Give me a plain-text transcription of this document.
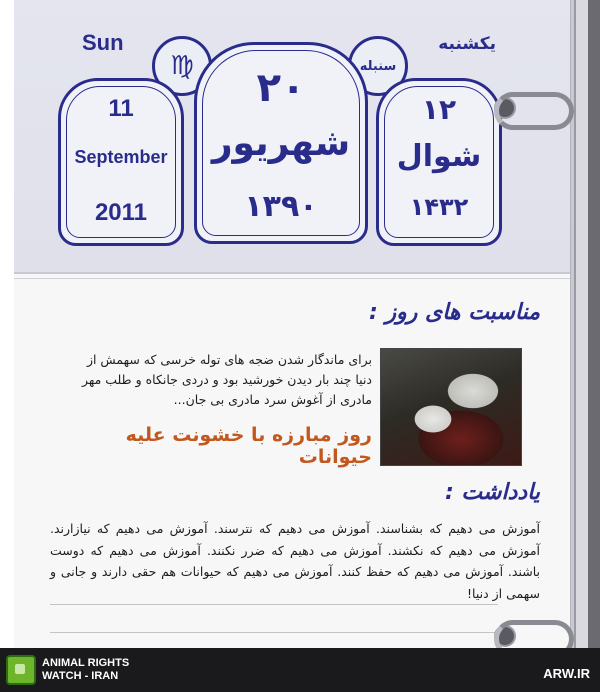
Sun	یکشنبه
♍	سنبله
11
September
2011
۲۰
شهریور
۱۳۹۰
۱۲
شوال
۱۴۳۲
مناسبت های روز :
برای ماندگار شدن ضجه های توله خرسی که سهمش از دنیا چند بار دیدن خورشید بود و دردی جانکاه و طلب مهر مادری از آغوش سرد مادری بی جان...
روز مبارزه با خشونت علیه حیوانات
یادداشت :
آموزش می دهیم که بشناسند. آموزش می دهیم که نترسند. آموزش می دهیم که نیازارند. آموزش می دهیم که نکشند. آموزش می دهیم که ضرر نکنند. آموزش می دهیم که دوست باشند. آموزش می دهیم که حفظ کنند. آموزش می دهیم که حیوانات هم حقی دارند و جانی و سهمی از دنیا!
ANIMAL RIGHTS
WATCH - IRAN	ARW.IR
